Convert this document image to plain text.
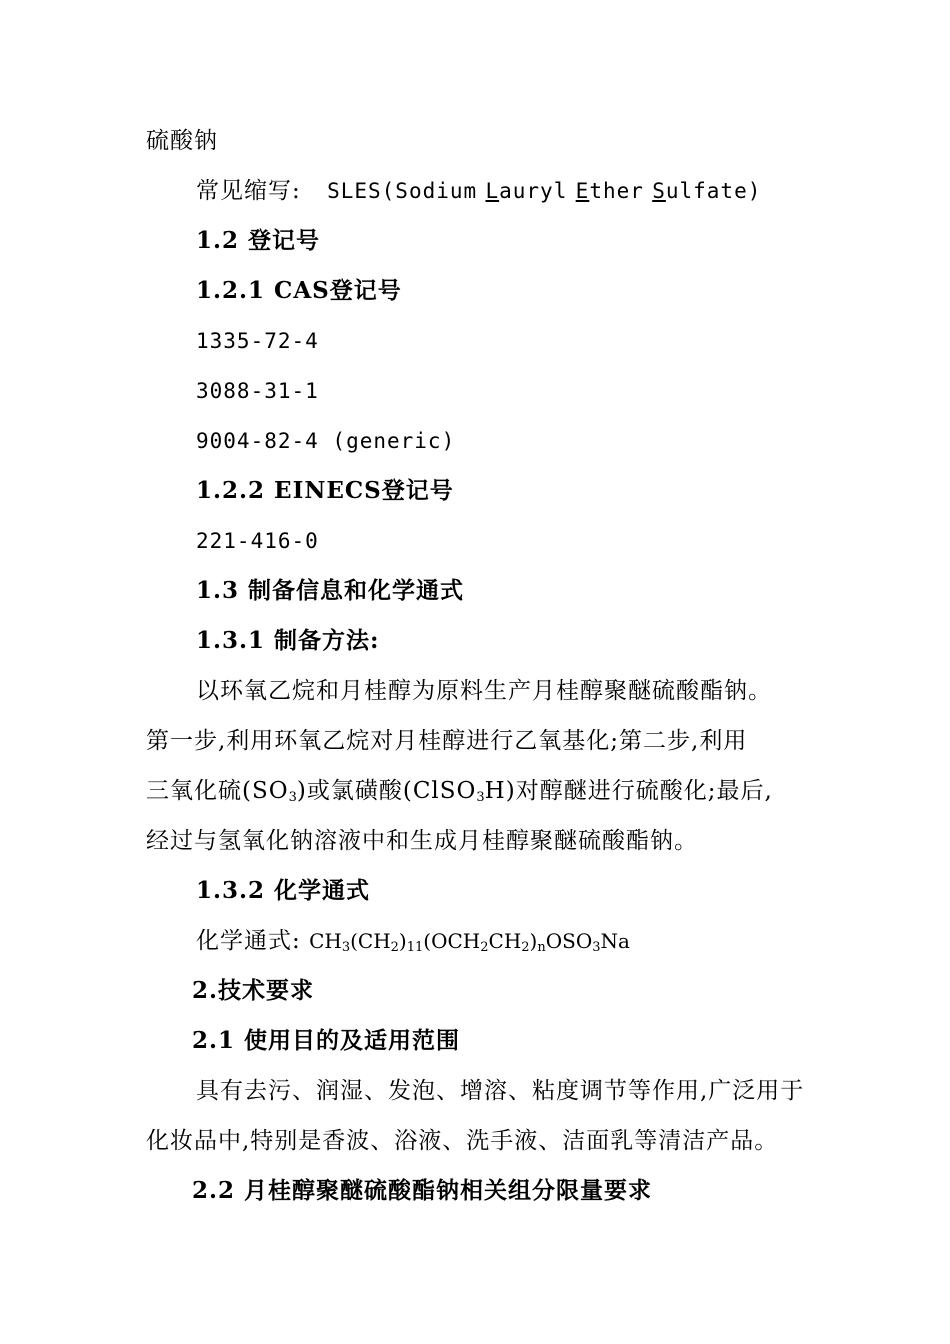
硫酸钠
常见缩写: SLES(Sodium Lauryl Ether Sulfate)
1.2 登记号
1.2.1 CAS登记号
1335-72-4
3088-31-1
9004-82-4 (generic)
1.2.2 EINECS登记号
221-416-0
1.3 制备信息和化学通式
1.3.1 制备方法:
以环氧乙烷和月桂醇为原料生产月桂醇聚醚硫酸酯钠。
第一步,利用环氧乙烷对月桂醇进行乙氧基化;第二步,利用
三氧化硫$(SO_3)$或氯磺酸(ClSO$_3$H)对醇醚进行硫酸化;最后,
经过与氢氧化钠溶液中和生成月桂醇聚醚硫酸酯钠。
1.3.2 化学通式
化学通式: $CH_3(CH_2)_{11}(OCH_2CH_2)_nOSO_3Na$
2.技术要求
2.1 使用目的及适用范围
具有去污、润湿、发泡、增溶、粘度调节等作用,广泛用于
化妆品中,特别是香波、浴液、洗手液、洁面乳等清洁产品。
2.2 月桂醇聚醚硫酸酯钠相关组分限量要求
